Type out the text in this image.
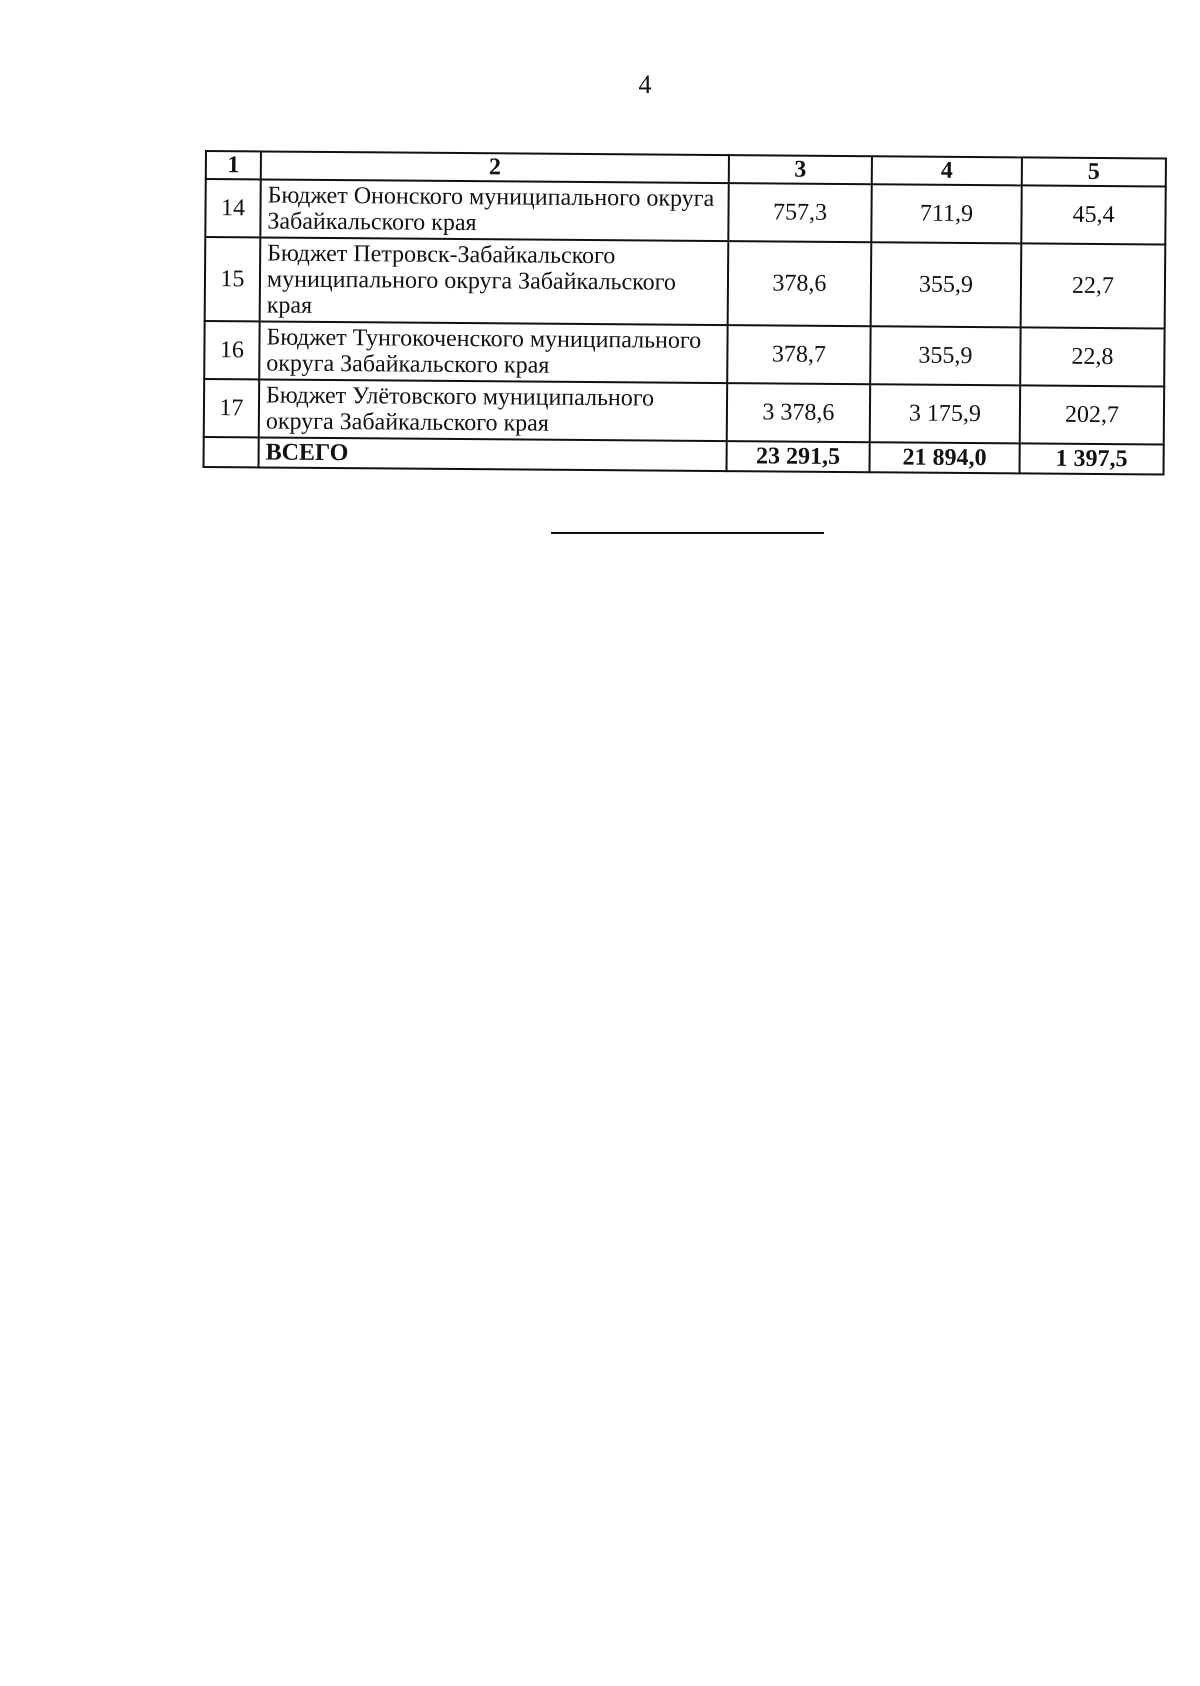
4
1	2	3	4	5
14	Бюджет Ононского муниципального округа Забайкальского края	757,3	711,9	45,4
15	Бюджет Петровск-Забайкальского муниципального округа Забайкальского края	378,6	355,9	22,7
16	Бюджет Тунгокоченского муниципального округа Забайкальского края	378,7	355,9	22,8
17	Бюджет Улётовского муниципального округа Забайкальского края	3 378,6	3 175,9	202,7
	ВСЕГО	23 291,5	21 894,0	1 397,5
